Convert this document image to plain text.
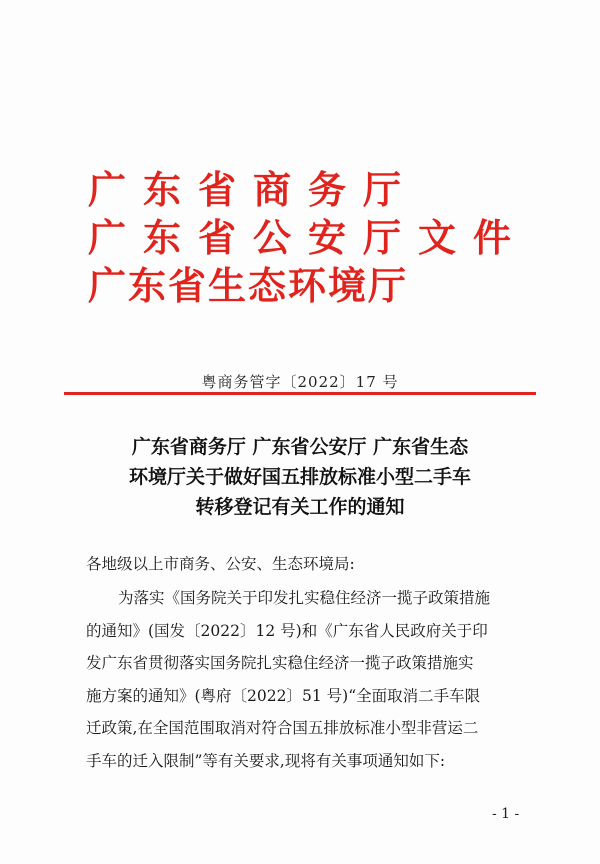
广东省商务厅
广东省公安厅文件
广东省生态环境厅
粤商务管字〔2022〕17 号
广东省商务厅 广东省公安厅 广东省生态
环境厅关于做好国五排放标准小型二手车
转移登记有关工作的通知
各地级以上市商务、公安、生态环境局:
为落实《国务院关于印发扎实稳住经济一揽子政策措施
的通知》(国发〔2022〕12 号)和《广东省人民政府关于印
发广东省贯彻落实国务院扎实稳住经济一揽子政策措施实
施方案的通知》(粤府〔2022〕51 号)“全面取消二手车限
迁政策,在全国范围取消对符合国五排放标准小型非营运二
手车的迁入限制”等有关要求,现将有关事项通知如下:
- 1 -
